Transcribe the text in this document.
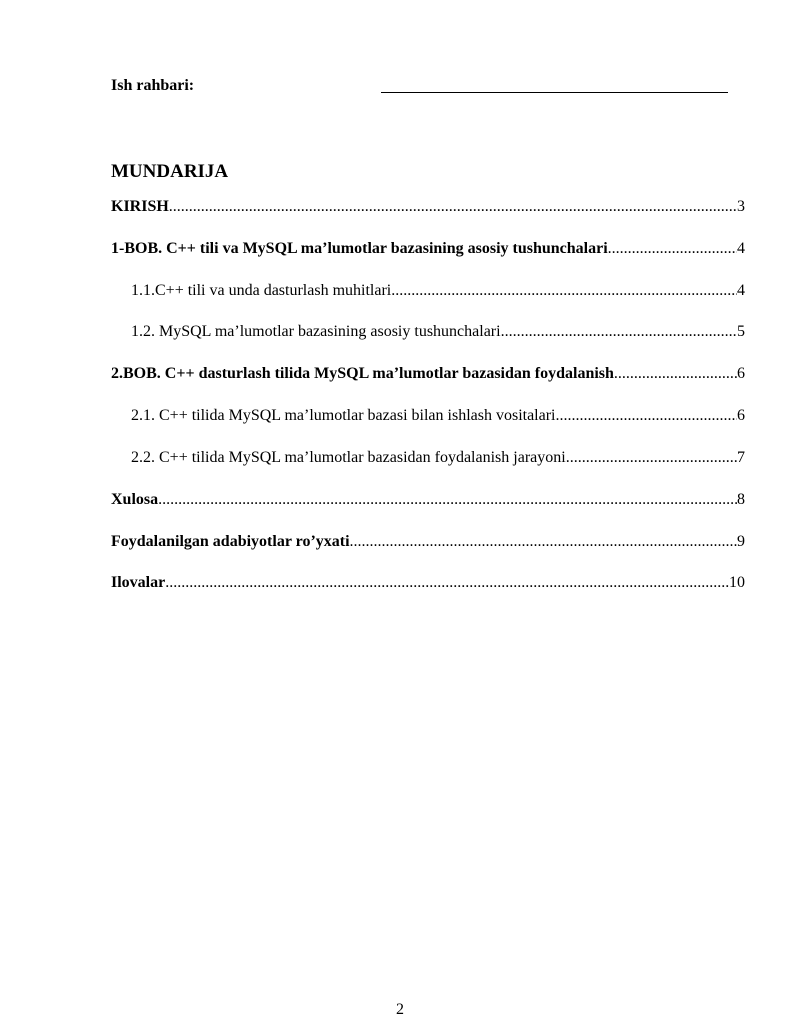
Ish rahbari:
MUNDARIJA
KIRISH .....	3
1-BOB. C++ tili va MySQL ma’lumotlar bazasining asosiy tushunchalari .....	4
1.1.C++ tili va unda dasturlash muhitlari .....	4
1.2. MySQL ma’lumotlar bazasining asosiy tushunchalari .....	5
2.BOB. C++ dasturlash tilida MySQL ma’lumotlar bazasidan foydalanish .....	6
2.1. C++ tilida MySQL ma’lumotlar bazasi bilan ishlash vositalari .....	6
2.2. C++ tilida MySQL ma’lumotlar bazasidan foydalanish jarayoni .....	7
Xulosa .....	8
Foydalanilgan adabiyotlar ro’yxati .....	9
Ilovalar .....	10
2
